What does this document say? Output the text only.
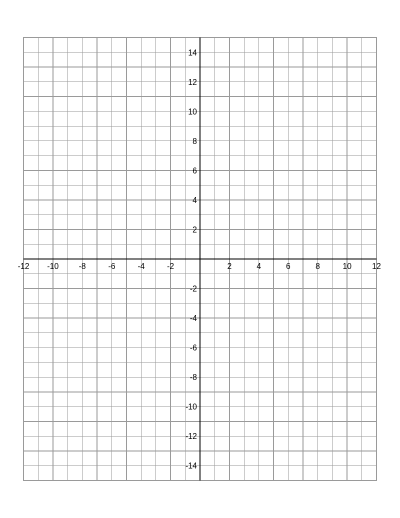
-12 -10	-8	-6	-4	-2	2	4	6	8	10	12
14
12
10
8
6
4
2
-2
-4
-6
-8
-10
-12
-14
